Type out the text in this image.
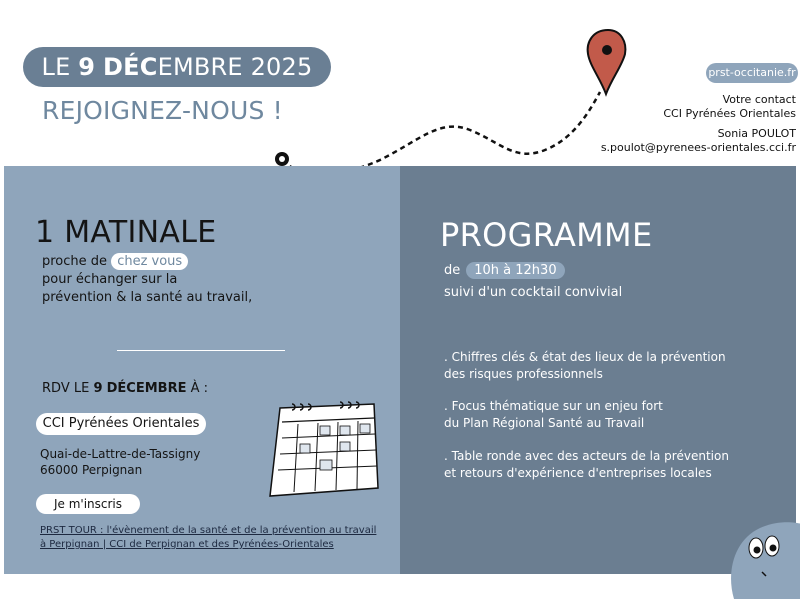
LE 9 DÉCEMBRE 2025
REJOIGNEZ-NOUS !
prst-occitanie.fr
Votre contact
CCI Pyrénées Orientales
Sonia POULOT
s.poulot@pyrenees-orientales.cci.fr
1 MATINALE
proche de chez vous
pour échanger sur la
prévention & la santé au travail,
RDV LE 9 DÉCEMBRE À :
CCI Pyrénées Orientales
Quai-de-Lattre-de-Tassigny
66000 Perpignan
Je m'inscris
PRST TOUR : l'évènement de la santé et de la prévention au travail
à Perpignan | CCI de Perpignan et des Pyrénées-Orientales
PROGRAMME
de 10h à 12h30
suivi d'un cocktail convivial
. Chiffres clés & état des lieux de la prévention
des risques professionnels
. Focus thématique sur un enjeu fort
du Plan Régional Santé au Travail
. Table ronde avec des acteurs de la prévention
et retours d'expérience d'entreprises locales
